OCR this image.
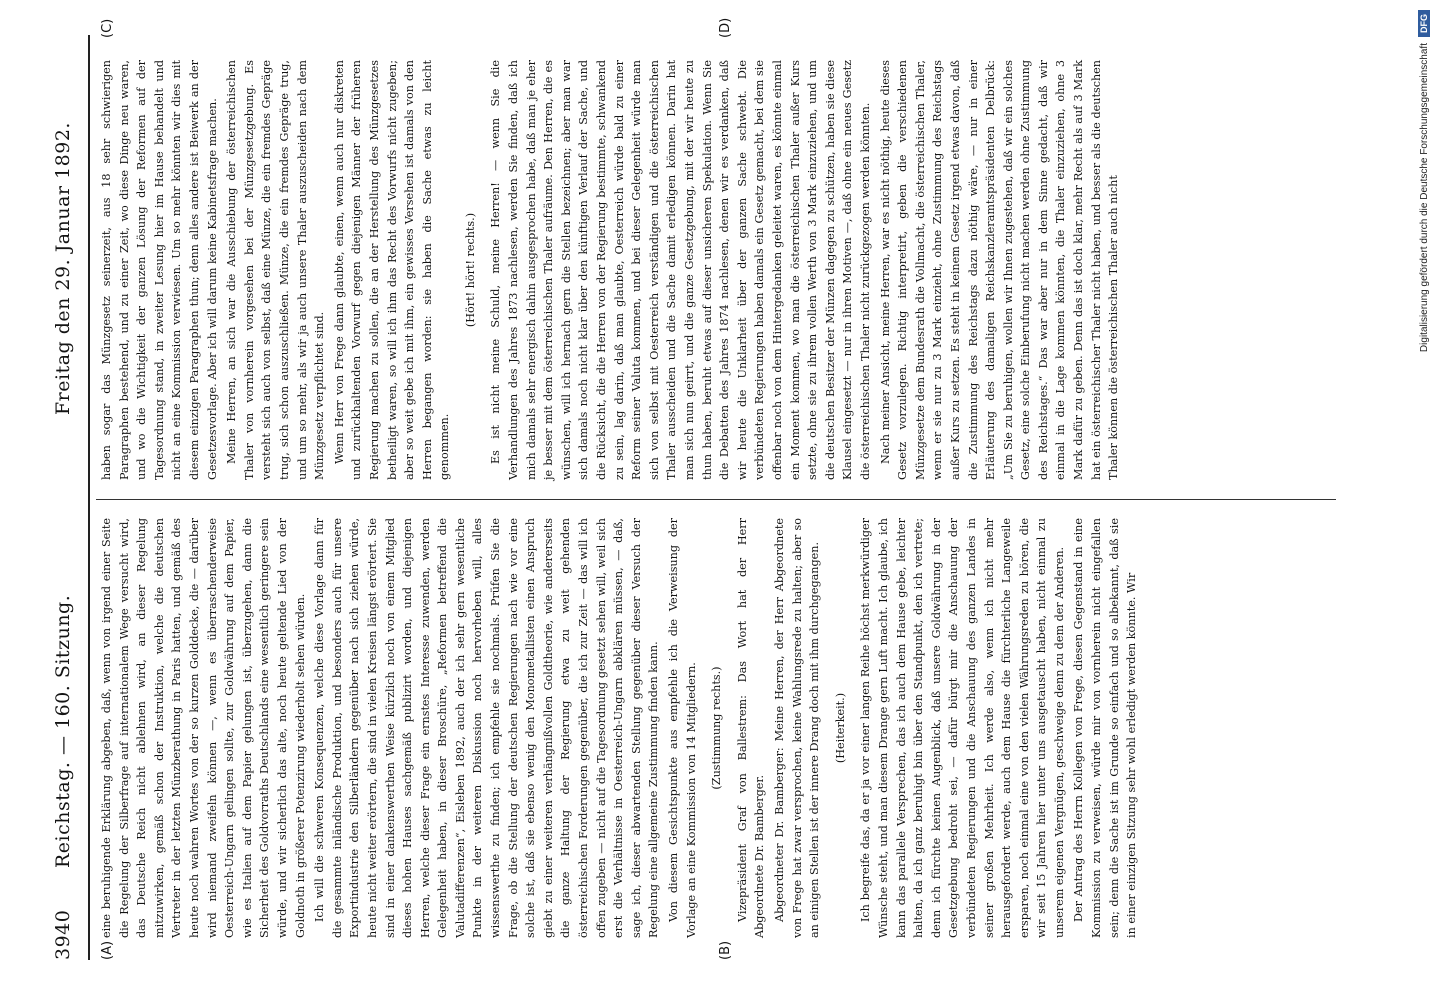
3940
Reichstag. — 160. Sitzung.
Freitag den 29. Januar 1892.
(A)	(B)
(C)	(D)

eine beruhigende Erklärung abgeben, daß, wenn von irgend einer Seite die Regelung der Silberfrage auf internationalem Wege versucht wird, das Deutsche Reich nicht ablehnen wird, an dieser Regelung mitzuwirken, gemäß schon der Instruktion, welche die deutschen Vertreter in der letzten Münzberathung in Paris hatten, und gemäß des heute noch wahren Wortes von der so kurzen Golddecke, die — darüber wird niemand zweifeln können —, wenn es überraschenderweise Oesterreich-Ungarn gelingen sollte, zur Goldwährung auf dem Papier, wie es Italien auf dem Papier gelungen ist, überzugehen, dann die Sicherheit des Goldvorraths Deutschlands eine wesentlich geringere sein würde, und wir sicherlich das alte, noch heute geltende Lied von der Goldnoth in größerer Potenzirung wiederholt sehen würden. Ich will die schweren Konsequenzen, welche diese Vorlage dann für die gesammte inländische Produktion, und besonders auch für unsere Exportindustrie den Silberländern gegenüber nach sich ziehen würde, heute nicht weiter erörtern, die sind in vielen Kreisen längst erörtert. Sie sind in einer dankenswerthen Weise kürzlich noch von einem Mitglied dieses hohen Hauses sachgemäß publizirt worden, und diejenigen Herren, welche dieser Frage ein ernstes Interesse zuwenden, werden Gelegenheit haben, in dieser Broschüre, „Reformen betreffend die Valutadifferenzen“, Eisleben 1892, auch der ich sehr gern wesentliche Punkte in der weiteren Diskussion noch hervorheben will, alles wissenswerthe zu finden; ich empfehle sie nochmals. Prüfen Sie die Frage, ob die Stellung der deutschen Regierungen nach wie vor eine solche ist, daß sie ebenso wenig den Monometallisten einen Anspruch giebt zu einer weiteren verhängnißvollen Goldtheorie, wie andererseits die ganze Haltung der Regierung etwa zu weit gehenden österreichischen Forderungen gegenüber, die ich zur Zeit — das will ich offen zugeben — nicht auf die Tagesordnung gesetzt sehen will, weil sich erst die Verhältnisse in Oesterreich-Ungarn abklären müssen, — daß, sage ich, dieser abwartenden Stellung gegenüber dieser Versuch der Regelung eine allgemeine Zustimmung finden kann. Von diesem Gesichtspunkte aus empfehle ich die Verweisung der Vorlage an eine Kommission von 14 Mitgliedern. (Zustimmung rechts.) Vizepräsident Graf von Ballestrem: Das Wort hat der Herr Abgeordnete Dr. Bamberger. Abgeordneter Dr. Bamberger: Meine Herren, der Herr Abgeordnete von Frege hat zwar versprochen, keine Wahlungsrede zu halten; aber so an einigen Stellen ist der innere Drang doch mit ihm durchgegangen. (Heiterkeit.) Ich begreife das, da er ja vor einer langen Reihe höchst merkwürdiger Wünsche steht, und man diesem Drange gern Luft macht. Ich glaube, ich kann das parallele Versprechen, das ich auch dem Hause gebe, leichter halten, da ich ganz beruhigt bin über den Standpunkt, den ich vertrete; denn ich fürchte keinen Augenblick, daß unsere Goldwährung in der Gesetzgebung bedroht sei, — dafür bürgt mir die Anschauung der verbündeten Regierungen und die Anschauung des ganzen Landes in seiner großen Mehrheit. Ich werde also, wenn ich nicht mehr herausgefordert werde, auch dem Hause die fürchterliche Langeweile ersparen, noch einmal eine von den vielen Währungsreden zu hören, die wir seit 15 Jahren hier unter uns ausgetauscht haben, nicht einmal zu unserem eigenen Vergnügen, geschweige denn zu dem der Anderen. Der Antrag des Herrn Kollegen von Frege, diesen Gegenstand in eine Kommission zu verweisen, würde mir von vornherein nicht eingefallen sein; denn die Sache ist im Grunde so einfach und so albekannt, daß sie in einer einzigen Sitzung sehr wohl erledigt werden könnte. Wir

haben sogar das Münzgesetz seinerzeit, aus 18 sehr schwierigen Paragraphen bestehend, und zu einer Zeit, wo diese Dinge neu waren, und wo die Wichtigkeit der ganzen Lösung der Reformen auf der Tagesordnung stand, in zweiter Lesung hier im Hause behandelt und nicht an eine Kommission verwiesen. Um so mehr könnten wir dies mit diesem einzigen Paragraphen thun; denn alles andere ist Beiwerk an der Gesetzesvorlage. Aber ich will darum keine Kabinetsfrage machen. Meine Herren, an sich war die Ausschiebung der österreichischen Thaler von vornherein vorgesehen bei der Münzgesetzgebung. Es versteht sich auch von selbst, daß eine Münze, die ein fremdes Gepräge trug, sich schon auszuschließen. Münze, die ein fremdes Gepräge trug, und um so mehr, als wir ja auch unsere Thaler auszuscheiden nach dem Münzgesetz verpflichtet sind. Wenn Herr von Frege dann glaubte, einen, wenn auch nur diskreten und zurückhaltenden Vorwurf gegen diejenigen Männer der früheren Regierung machen zu sollen, die an der Herstellung des Münzgesetzes betheiligt waren, so will ich ihm das Recht des Vorwurfs nicht zugeben; aber so weit gebe ich mit ihm, ein gewisses Versehen ist damals von den Herren begangen worden: sie haben die Sache etwas zu leicht genommen.

(Hört! hört! rechts.) Es ist nicht meine Schuld, meine Herren! — wenn Sie die Verhandlungen des Jahres 1873 nachlesen, werden Sie finden, daß ich mich damals sehr energisch dahin ausgesprochen habe, daß man je eher je besser mit dem österreichischen Thaler aufräume. Den Herren, die es wünschen, will ich hernach gern die Stellen bezeichnen; aber man war sich damals noch nicht klar über den künftigen Verlauf der Sache, und die Rücksicht, die die Herren von der Regierung bestimmte, schwankend zu sein, lag darin, daß man glaubte, Oesterreich würde bald zu einer Reform seiner Valuta kommen, und bei dieser Gelegenheit würde man sich von selbst mit Oesterreich verständigen und die österreichischen Thaler ausscheiden und die Sache damit erledigen können. Darin hat man sich nun geirrt, und die ganze Gesetzgebung, mit der wir heute zu thun haben, beruht etwas auf dieser unsicheren Spekulation. Wenn Sie die Debatten des Jahres 1874 nachlesen, denen wir es verdanken, daß wir heute die Unklarheit über der ganzen Sache schwebt. Die verbündeten Regierungen haben damals ein Gesetz gemacht, bei dem sie offenbar noch von dem Hintergedanken geleitet waren, es könnte einmal ein Moment kommen, wo man die österreichischen Thaler außer Kurs setzte, ohne sie zu ihrem vollen Werth von 3 Mark einzuziehen, und um die deutschen Besitzer der Münzen dagegen zu schützen, haben sie diese Klausel eingesetzt — nur in ihren Motiven —, daß ohne ein neues Gesetz die österreichischen Thaler nicht zurückgezogen werden könnten. Nach meiner Ansicht, meine Herren, war es nicht nöthig, heute dieses Gesetz vorzulegen. Richtig interpretirt, geben die verschiedenen Münzgesetze dem Bundesrath die Vollmacht, die österreichischen Thaler, wenn er sie nur zu 3 Mark einzieht, ohne Zustimmung des Reichstags außer Kurs zu setzen. Es steht in keinem Gesetz irgend etwas davon, daß die Zustimmung des Reichstags dazu nöthig wäre, — nur in einer Erläuterung des damaligen Reichskanzleramtspräsidenten Delbrück: „Um Sie zu beruhigen, wollen wir Ihnen zugestehen, daß wir ein solches Gesetz, eine solche Einberufung nicht machen werden ohne Zustimmung des Reichstages.“ Das war aber nur in dem Sinne gedacht, daß wir einmal in die Lage kommen könnten, die Thaler einzuziehen, ohne 3 Mark dafür zu geben. Denn das ist doch klar, mehr Recht als auf 3 Mark hat ein österreichischer Thaler nicht haben, und besser als die deutschen Thaler können die österreichischen Thaler auch nicht	Digitalisierung gefördert durch die Deutsche ForschungsgemeinschaftDFG
